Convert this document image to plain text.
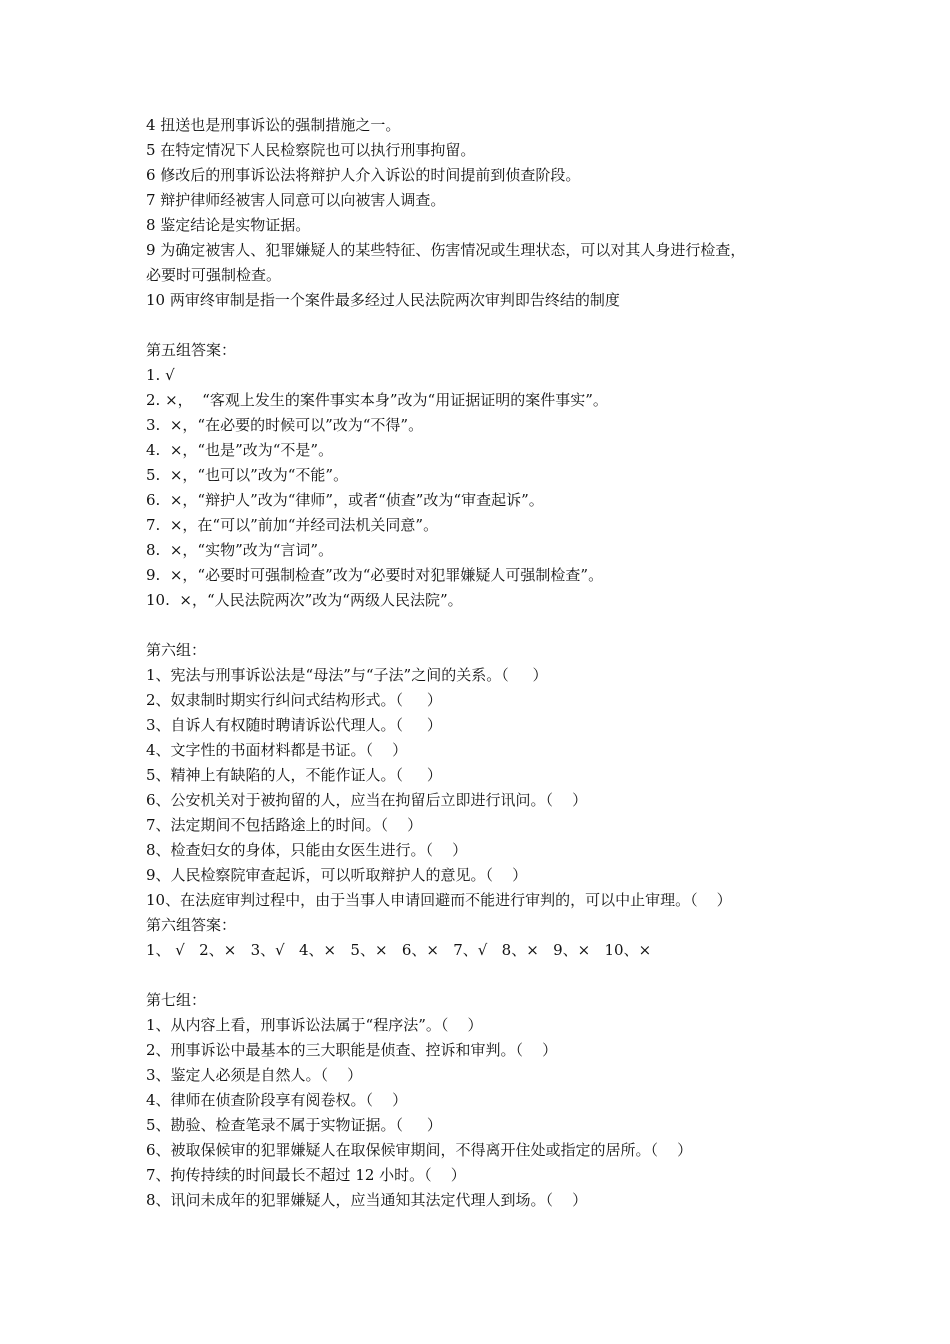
4 扭送也是刑事诉讼的强制措施之一。
5 在特定情况下人民检察院也可以执行刑事拘留。
6 修改后的刑事诉讼法将辩护人介入诉讼的时间提前到侦查阶段。
7 辩护律师经被害人同意可以向被害人调查。
8 鉴定结论是实物证据。
9 为确定被害人、犯罪嫌疑人的某些特征、伤害情况或生理状态，可以对其人身进行检查，
必要时可强制检查。
10 两审终审制是指一个案件最多经过人民法院两次审判即告终结的制度
第五组答案：
1. √
2. ×，  “客观上发生的案件事实本身”改为“用证据证明的案件事实”。
3.  ×，“在必要的时候可以”改为“不得”。
4.  ×，“也是”改为“不是”。
5.  ×，“也可以”改为“不能”。
6.  ×，“辩护人”改为“律师”，或者“侦查”改为“审查起诉”。
7.  ×，在“可以”前加“并经司法机关同意”。
8.  ×，“实物”改为“言词”。
9.  ×，“必要时可强制检查”改为“必要时对犯罪嫌疑人可强制检查”。
10.  ×，“人民法院两次”改为“两级人民法院”。
第六组：
1、宪法与刑事诉讼法是“母法”与“子法”之间的关系。（     ）
2、奴隶制时期实行纠问式结构形式。（     ）
3、自诉人有权随时聘请诉讼代理人。（     ）
4、文字性的书面材料都是书证。（    ）
5、精神上有缺陷的人，不能作证人。（     ）
6、公安机关对于被拘留的人，应当在拘留后立即进行讯问。（    ）
7、法定期间不包括路途上的时间。（    ）
8、检查妇女的身体，只能由女医生进行。（    ）
9、人民检察院审查起诉，可以听取辩护人的意见。（    ）
10、在法庭审判过程中，由于当事人申请回避而不能进行审判的，可以中止审理。（    ）
第六组答案：
1、 √   2、×   3、√   4、×   5、×   6、×   7、√   8、×   9、×   10、×
第七组：
1、从内容上看，刑事诉讼法属于“程序法”。（    ）
2、刑事诉讼中最基本的三大职能是侦查、控诉和审判。（    ）
3、鉴定人必须是自然人。（    ）
4、律师在侦查阶段享有阅卷权。（    ）
5、勘验、检查笔录不属于实物证据。（     ）
6、被取保候审的犯罪嫌疑人在取保候审期间，不得离开住处或指定的居所。（    ）
7、拘传持续的时间最长不超过 12 小时。（    ）
8、讯问未成年的犯罪嫌疑人，应当通知其法定代理人到场。（    ）
